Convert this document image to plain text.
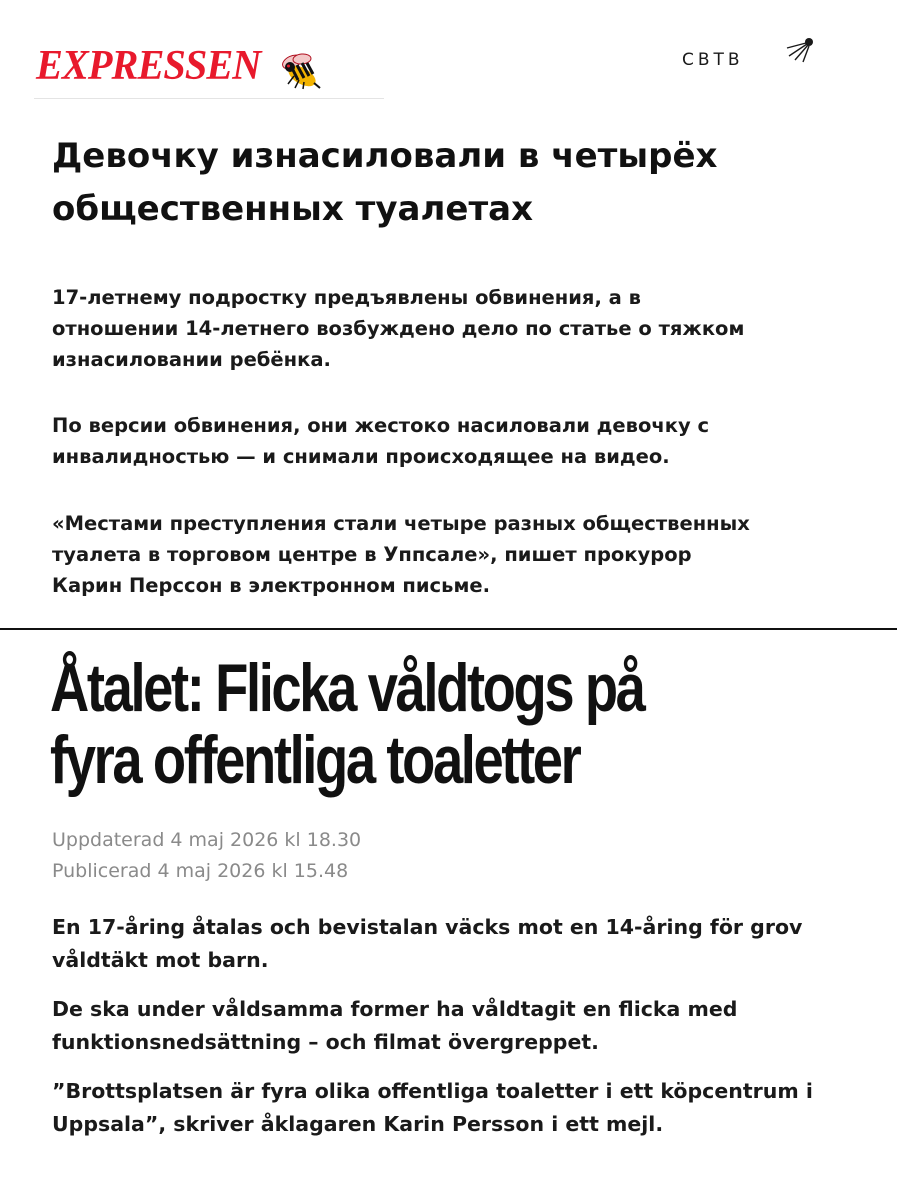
EXPRESSEN	CBTB
Девочку изнасиловали в четырёх
общественных туалетах

17-летнему подростку предъявлены обвинения, а в
отношении 14-летнего возбуждено дело по статье о тяжком
изнасиловании ребёнка.

По версии обвинения, они жестоко насиловали девочку с
инвалидностью — и снимали происходящее на видео.

«Местами преступления стали четыре разных общественных
туалета в торговом центре в Уппсале», пишет прокурор
Карин Перссон в электронном письме.

Åtalet: Flicka våldtogs på
fyra offentliga toaletter
Uppdaterad 4 maj 2026 kl 18.30
Publicerad 4 maj 2026 kl 15.48

En 17-åring åtalas och bevistalan väcks mot en 14-åring för grov
våldtäkt mot barn.

De ska under våldsamma former ha våldtagit en flicka med
funktionsnedsättning – och filmat övergreppet.

”Brottsplatsen är fyra olika offentliga toaletter i ett köpcentrum i
Uppsala”, skriver åklagaren Karin Persson i ett mejl.
